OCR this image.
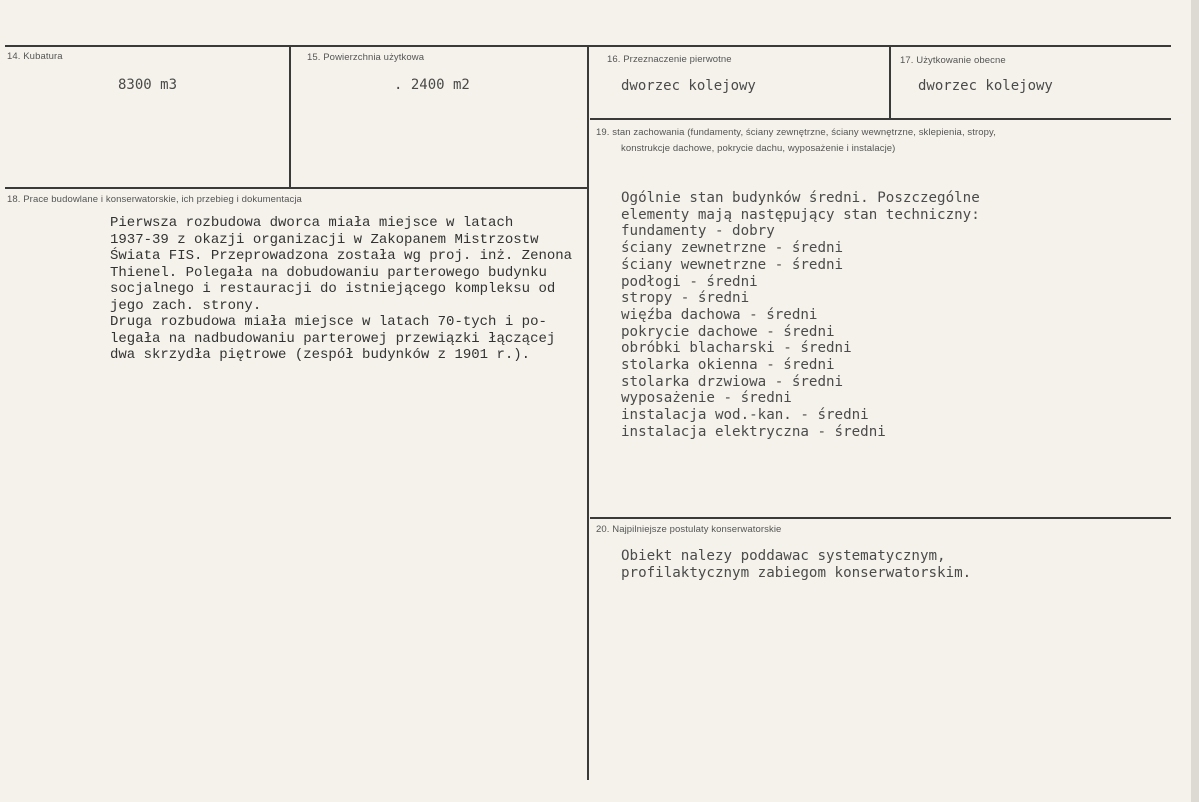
14. Kubatura
8300 m3
15. Powierzchnia użytkowa
. 2400 m2
16. Przeznaczenie pierwotne
dworzec kolejowy
17. Użytkowanie obecne
dworzec kolejowy
18. Prace budowlane i konserwatorskie, ich przebieg i dokumentacja

Pierwsza rozbudowa dworca miała miejsce w latach

1937-39 z okazji organizacji w Zakopanem Mistrzostw

Świata FIS. Przeprowadzona została wg proj. inż. Zenona

Thienel. Polegała na dobudowaniu parterowego budynku

socjalnego i restauracji do istniejącego kompleksu od

jego zach. strony.

Druga rozbudowa miała miejsce w latach 70-tych i po-

legała na nadbudowaniu parterowej przewiązki łączącej

dwa skrzydła piętrowe (zespół budynków z 1901 r.).

19. stan zachowania (fundamenty, ściany zewnętrzne, ściany wewnętrzne, sklepienia, stropy,
konstrukcje dachowe, pokrycie dachu, wyposażenie i instalacje)

Ogólnie stan budynków średni. Poszczególne

elementy mają następujący stan techniczny:

fundamenty - dobry

ściany zewnetrzne - średni

ściany wewnetrzne - średni

podłogi - średni

stropy - średni

więźba dachowa - średni

pokrycie dachowe - średni

obróbki blacharski - średni

stolarka okienna - średni

stolarka drzwiowa - średni

wyposażenie - średni

instalacja wod.-kan. - średni

instalacja elektryczna - średni

20. Najpilniejsze postulaty konserwatorskie

Obiekt nalezy poddawac systematycznym,

profilaktycznym zabiegom konserwatorskim.
